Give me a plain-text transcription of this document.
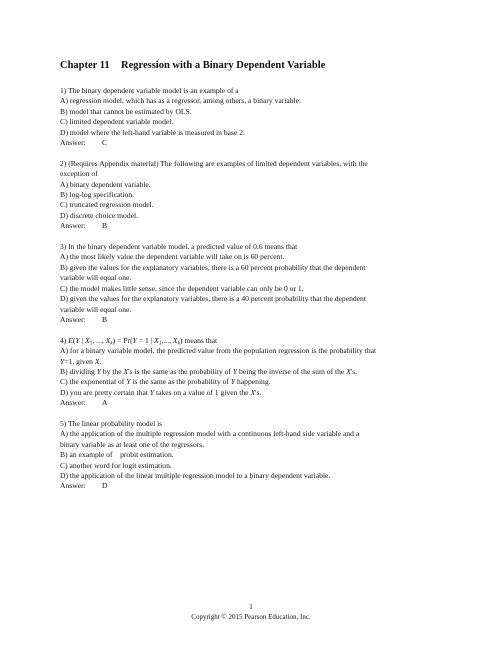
Chapter 11 Regression with a Binary Dependent Variable
1) The binary dependent variable model is an example of a
A) regression model, which has as a regressor, among others, a binary variable.
B) model that cannot be estimated by OLS.
C) limited dependent variable model.
D) model where the left-hand variable is measured in base 2.
Answer: C
2) (Requires Appendix material) The following are examples of limited dependent variables, with the
exception of
A) binary dependent variable.
B) log-log specification.
C) truncated regression model.
D) discrete choice model.
Answer: B
3) In the binary dependent variable model, a predicted value of 0.6 means that
A) the most likely value the dependent variable will take on is 60 percent.
B) given the values for the explanatory variables, there is a 60 percent probability that the dependent
variable will equal one.
C) the model makes little sense, since the dependent variable can only be 0 or 1.
D) given the values for the explanatory variables, there is a 40 percent probability that the dependent
variable will equal one.
Answer: B
4) E(Y | $X_1$, ..., $X_k) = Pr(Y = 1$ | $X_1$,..., $X_k$) means that
A) for a binary variable model, the predicted value from the population regression is the probability that
Y=1, given X.
B) dividing Y by the X's is the same as the probability of Y being the inverse of the sum of the X's.
C) the exponential of Y is the same as the probability of Y happening.
D) you are pretty certain that Y takes on a value of 1 given the X's.
Answer: A
5) The linear probability model is
A) the application of the multiple regression model with a continuous left-hand side variable and a
binary variable as at least one of the regressors.
B) an example of    probit estimation.
C) another word for logit estimation.
D) the application of the linear multiple regression model to a binary dependent variable.
Answer: D
1
Copyright © 2015 Pearson Education, Inc.
